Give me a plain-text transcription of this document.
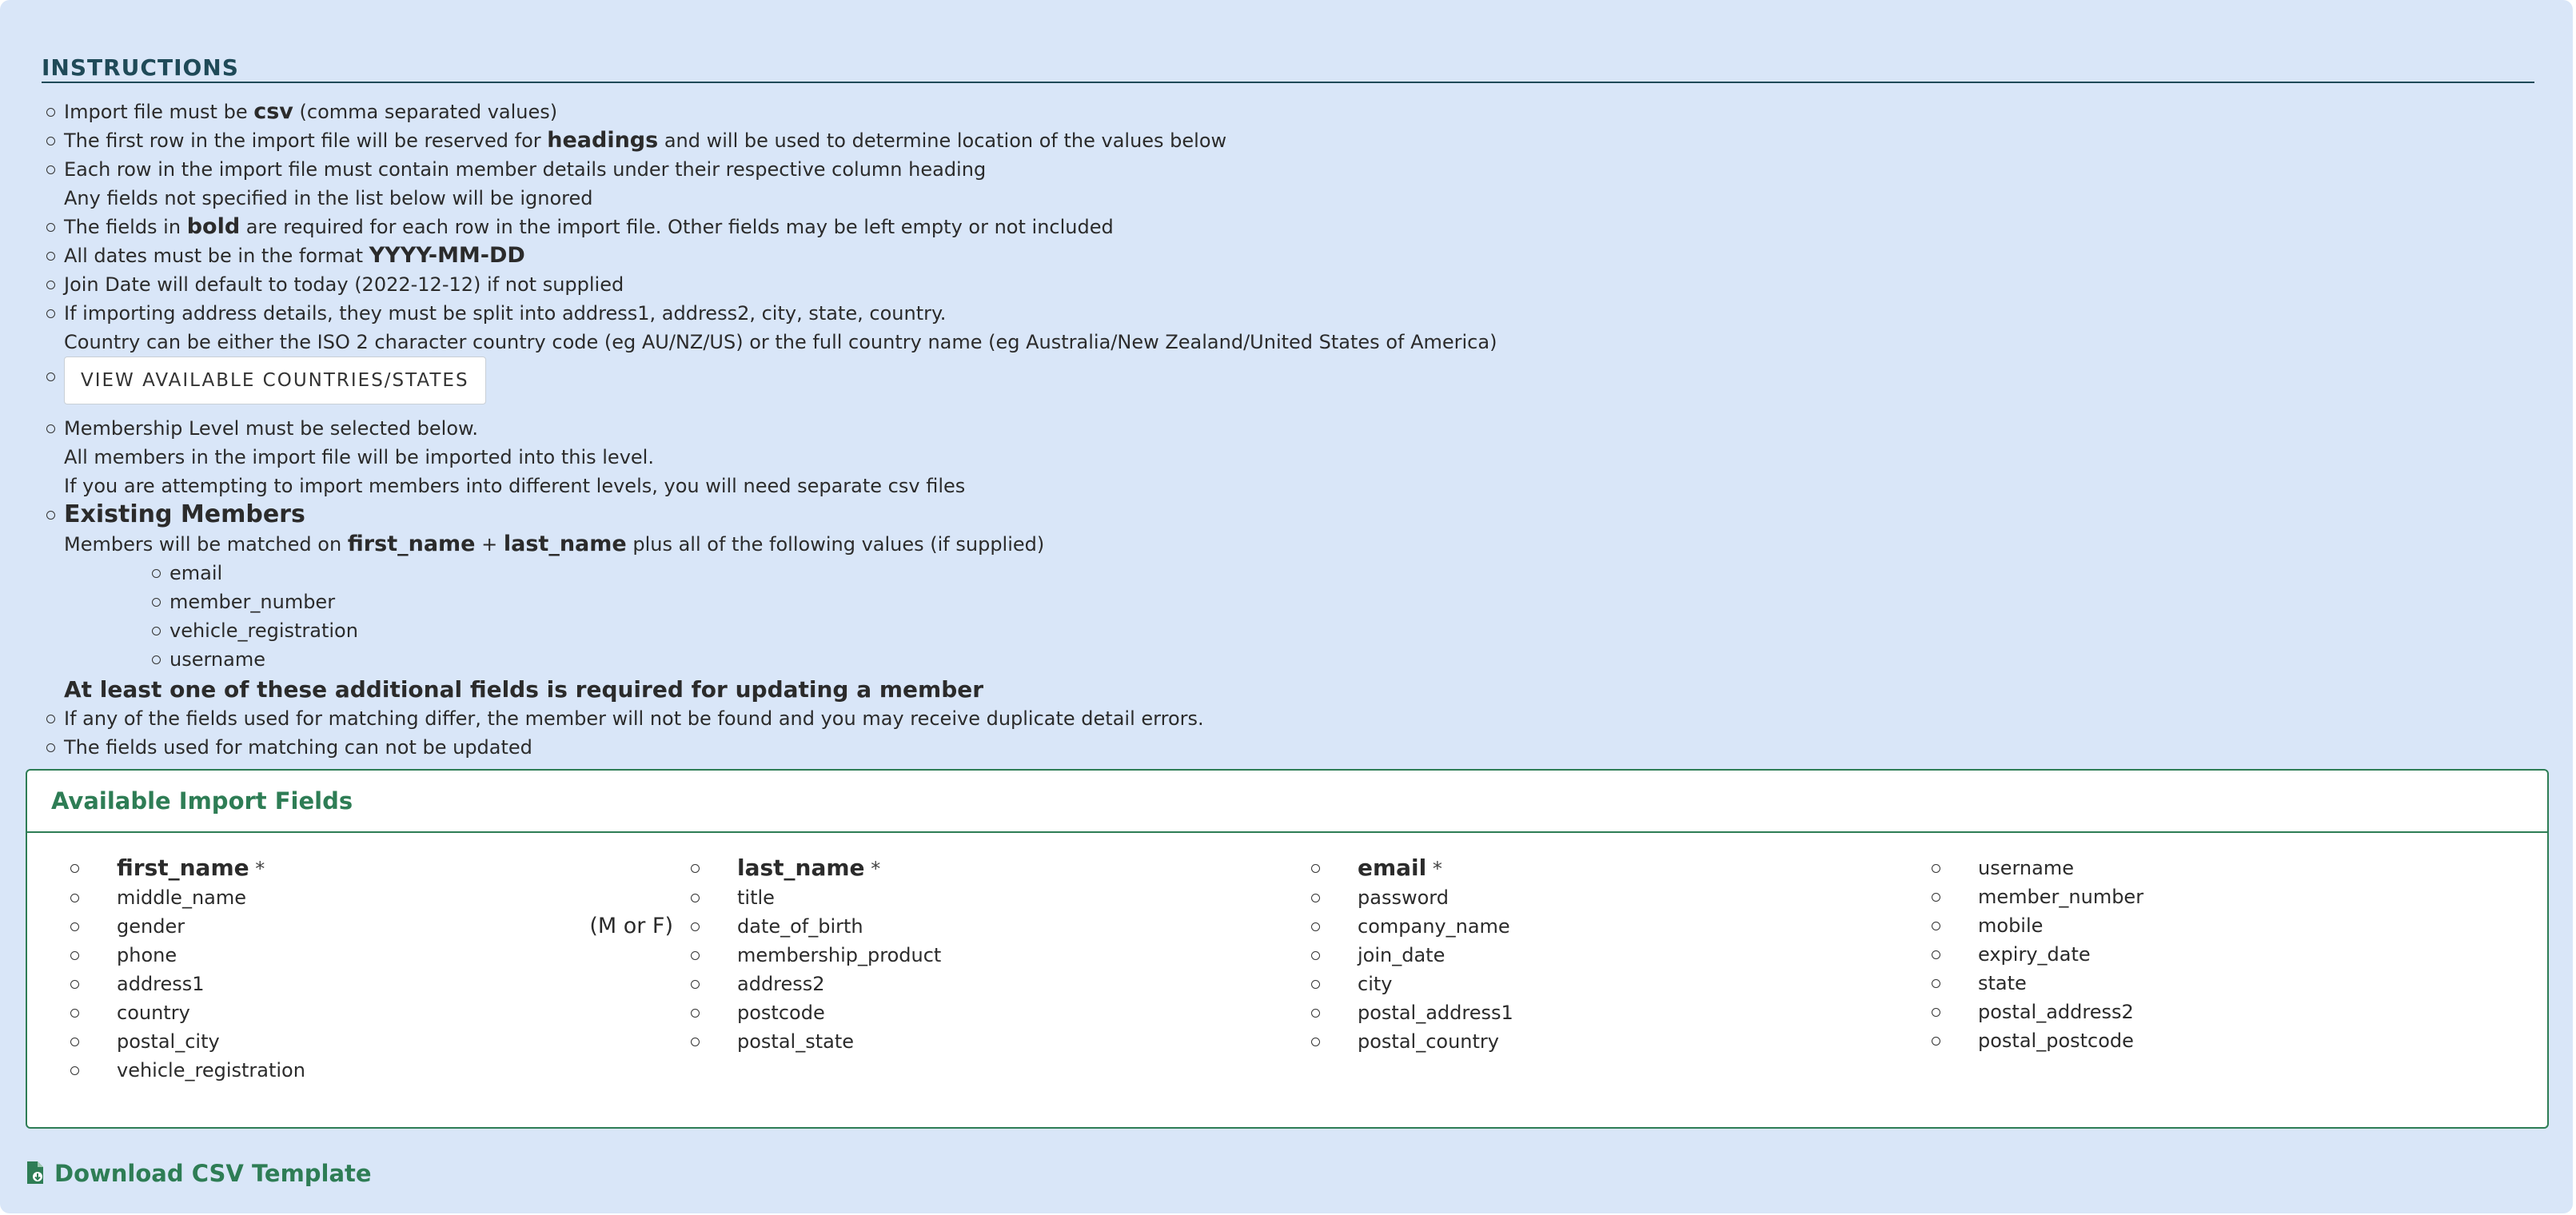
INSTRUCTIONS
Import file must be csv (comma separated values)
The first row in the import file will be reserved for headings and will be used to determine location of the values below
Each row in the import file must contain member details under their respective column heading
Any fields not specified in the list below will be ignored
The fields in bold are required for each row in the import file. Other fields may be left empty or not included
All dates must be in the format YYYY-MM-DD
Join Date will default to today (2022-12-12) if not supplied
If importing address details, they must be split into address1, address2, city, state, country.
Country can be either the ISO 2 character country code (eg AU/NZ/US) or the full country name (eg Australia/New Zealand/United States of America)
VIEW AVAILABLE COUNTRIES/STATES
Membership Level must be selected below.
All members in the import file will be imported into this level.
If you are attempting to import members into different levels, you will need separate csv files
Existing Members
Members will be matched on first_name + last_name plus all of the following values (if supplied)
email
member_number
vehicle_registration
username
At least one of these additional fields is required for updating a member
If any of the fields used for matching differ, the member will not be found and you may receive duplicate detail errors.
The fields used for matching can not be updated
Available Import Fields
first_name *
middle_name
gender	(M or F)
phone
address1
country
postal_city
vehicle_registration
last_name *
title
date_of_birth
membership_product
address2
postcode
postal_state
email *
password
company_name
join_date
city
postal_address1
postal_country
username
member_number
mobile
expiry_date
state
postal_address2
postal_postcode
Download CSV Template
